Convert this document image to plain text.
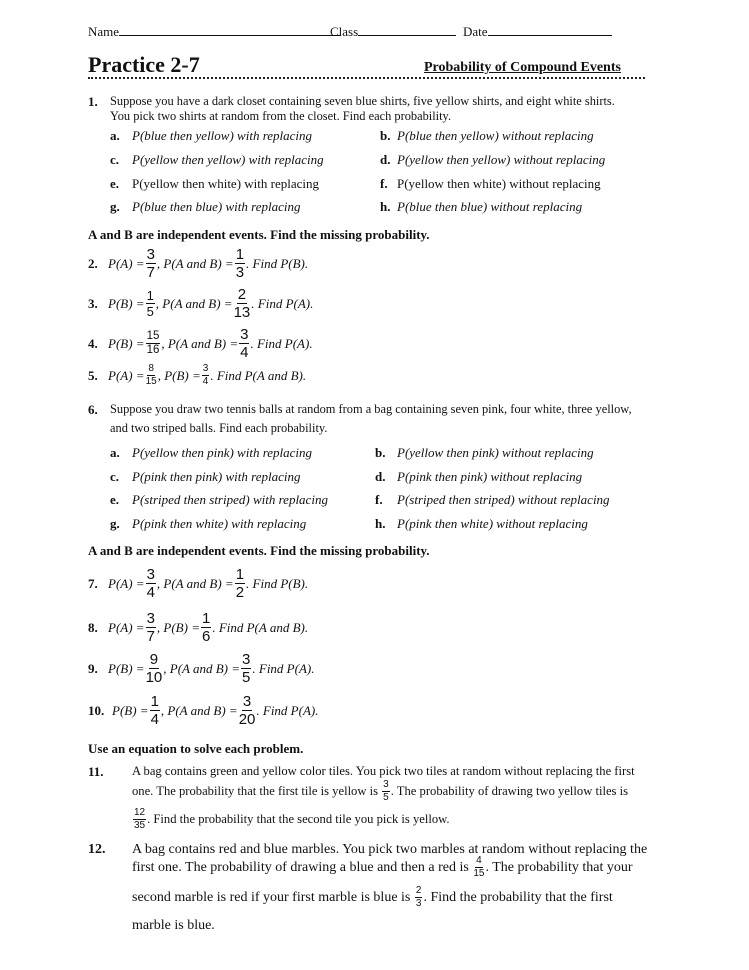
Name	Class	Date
Practice 2-7	Probability of Compound Events
1. Suppose you have a dark closet containing seven blue shirts, five yellow shirts, and eight white shirts.
You pick two shirts at random from the closet. Find each probability.
a. P(blue then yellow) with replacing	b. P(blue then yellow) without replacing
c. P(yellow then yellow) with replacing	d. P(yellow then yellow) without replacing
e. P(yellow then white) with replacing	f. P(yellow then white) without replacing
g. P(blue then blue) with replacing	h. P(blue then blue) without replacing
A and B are independent events. Find the missing probability.
2. $P(A) = \frac{3}{7}$ , P(A and $B) = \frac{1}{3}$ . Find P(B).
3. $P(B) = \frac{1}{5}$ , P(A and $B) = \frac{2}{13}$ . Find P(A).
4. $P(B) = \frac{15}{16}$ , P(A and $B) = \frac{3}{4}$ . Find P(A).
5. $P(A) = \frac{8}{15}$ , $P(B) = \frac{3}{4}$ . Find P(A and B).
6. Suppose you draw two tennis balls at random from a bag containing seven pink, four white, three yellow,
and two striped balls. Find each probability.
a. P(yellow then pink) with replacing	b. P(yellow then pink) without replacing
c. P(pink then pink) with replacing	d. P(pink then pink) without replacing
e. P(striped then striped) with replacing	f. P(striped then striped) without replacing
g. P(pink then white) with replacing	h. P(pink then white) without replacing
A and B are independent events. Find the missing probability.
7. $P(A) = \frac{3}{4}$ , P(A and $B) = \frac{1}{2}$ . Find P(B).
8. $P(A) = \frac{3}{7}$ , $P(B) = \frac{1}{6}$ . Find P(A and B).
9. $P(B) = \frac{9}{10}$ , P(A and $B) = \frac{3}{5}$ . Find P(A).
10. $P(B) = \frac{1}{4}$ , P(A and $B) = \frac{3}{20}$ . Find P(A).
Use an equation to solve each problem.
11. A bag contains green and yellow color tiles. You pick two tiles at random without replacing the first
one. The probability that the first tile is yellow is
$\frac{3}{5}$ . The probability of drawing two yellow tiles is
$\frac{12}{35}$ . Find the probability that the second tile you pick is yellow.
12. A bag contains red and blue marbles. You pick two marbles at random without replacing the
first one. The probability of drawing a blue and then a red is
$\frac{4}{15}$ . The probability that your
second marble is red if your first marble is blue is
$\frac{2}{3}$ . Find the probability that the first
marble is blue.
